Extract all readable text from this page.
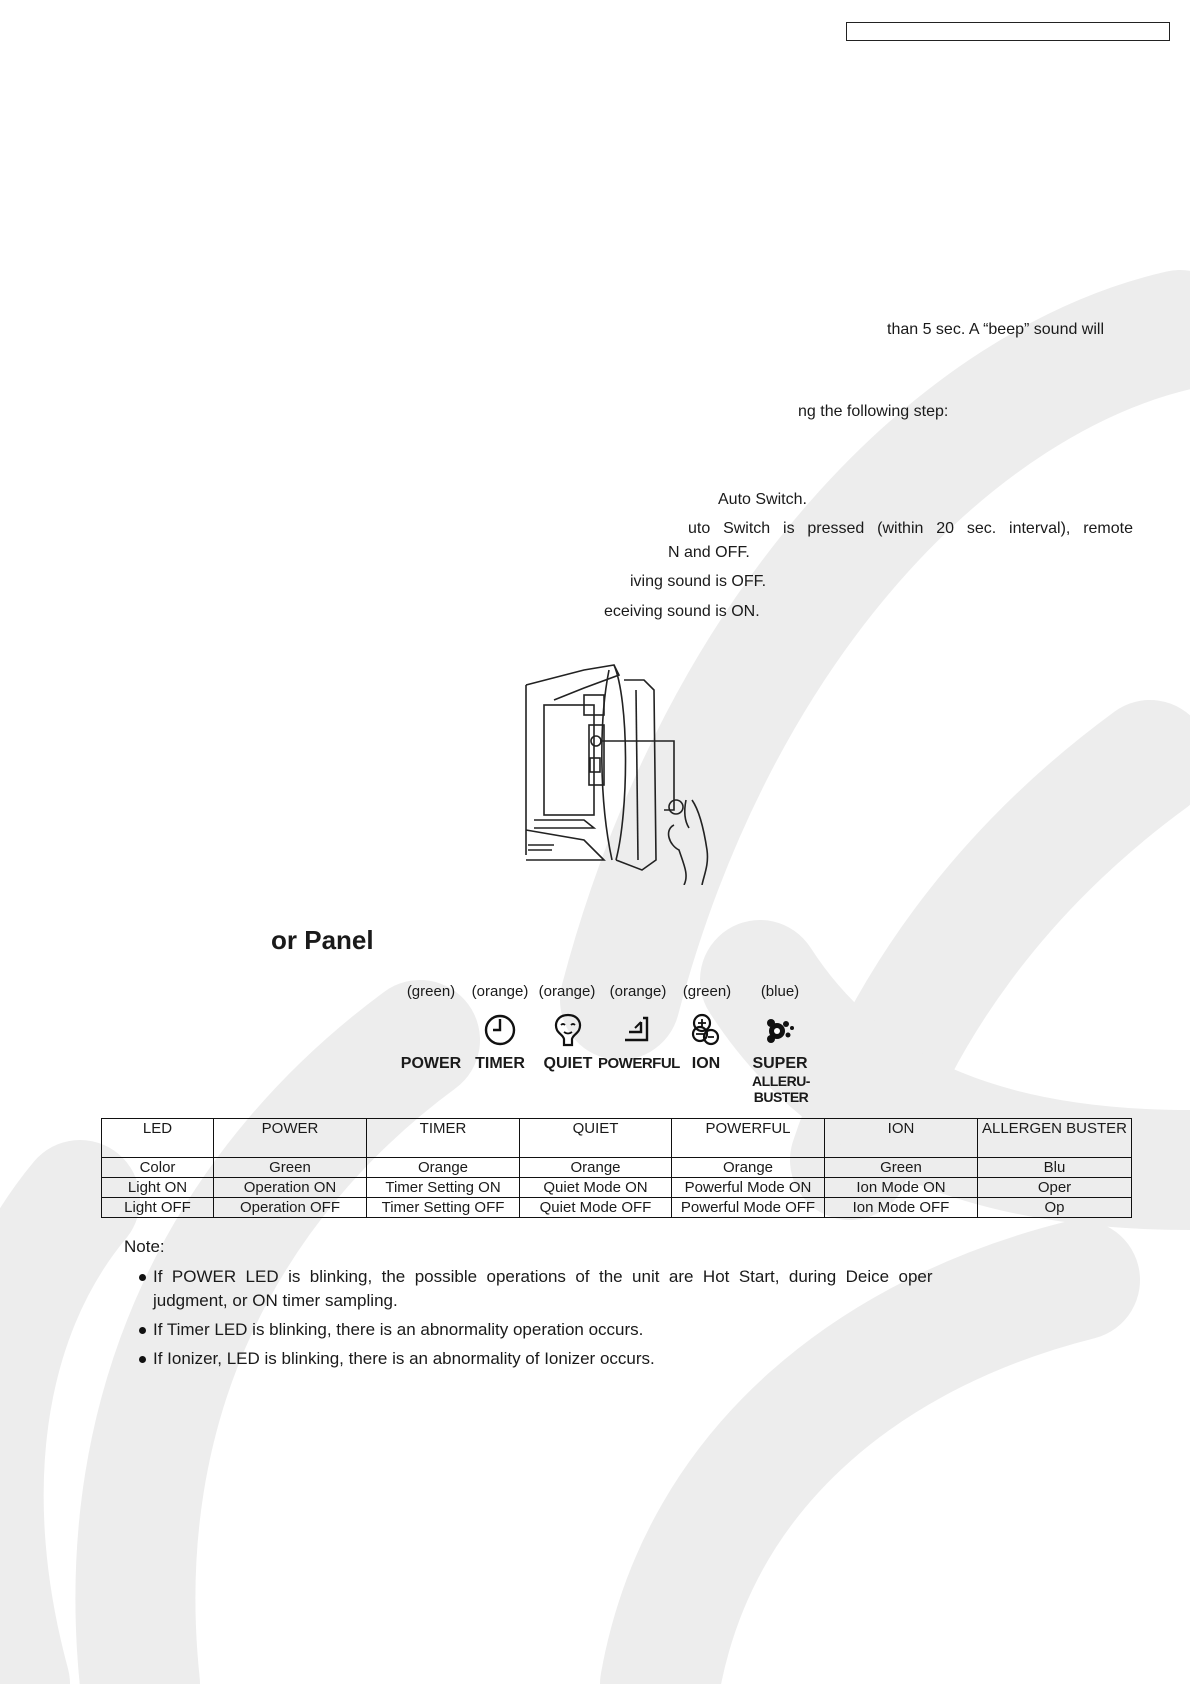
than 5 sec. A “beep” sound will
ng the following step:
Auto Switch.
uto  Switch  is  pressed  (within  20  sec.  interval),  remote
N and OFF.
iving sound is OFF.
eceiving sound is ON.
or Panel
(green)	(orange) (orange) (orange)	(green)	(blue)
POWER TIMER QUIET POWERFUL ION	SUPER
ALLERU-BUSTER
LED	POWER	TIMER	QUIET	POWERFUL	ION	ALLERGEN BUSTER
Color	Green	Orange	Orange	Orange	Green	Blu
Light ON	Operation ON	Timer Setting ON	Quiet Mode ON	Powerful Mode ON	Ion Mode ON	Oper
Light OFF	Operation OFF	Timer Setting OFF	Quiet Mode OFF	Powerful Mode OFF	Ion Mode OFF	Op
Note:
If  POWER  LED  is  blinking,  the  possible  operations  of  the  unit  are  Hot  Start,  during  Deice  oper
judgment, or ON timer sampling.
If Timer LED is blinking, there is an abnormality operation occurs.
If Ionizer, LED is blinking, there is an abnormality of Ionizer occurs.
